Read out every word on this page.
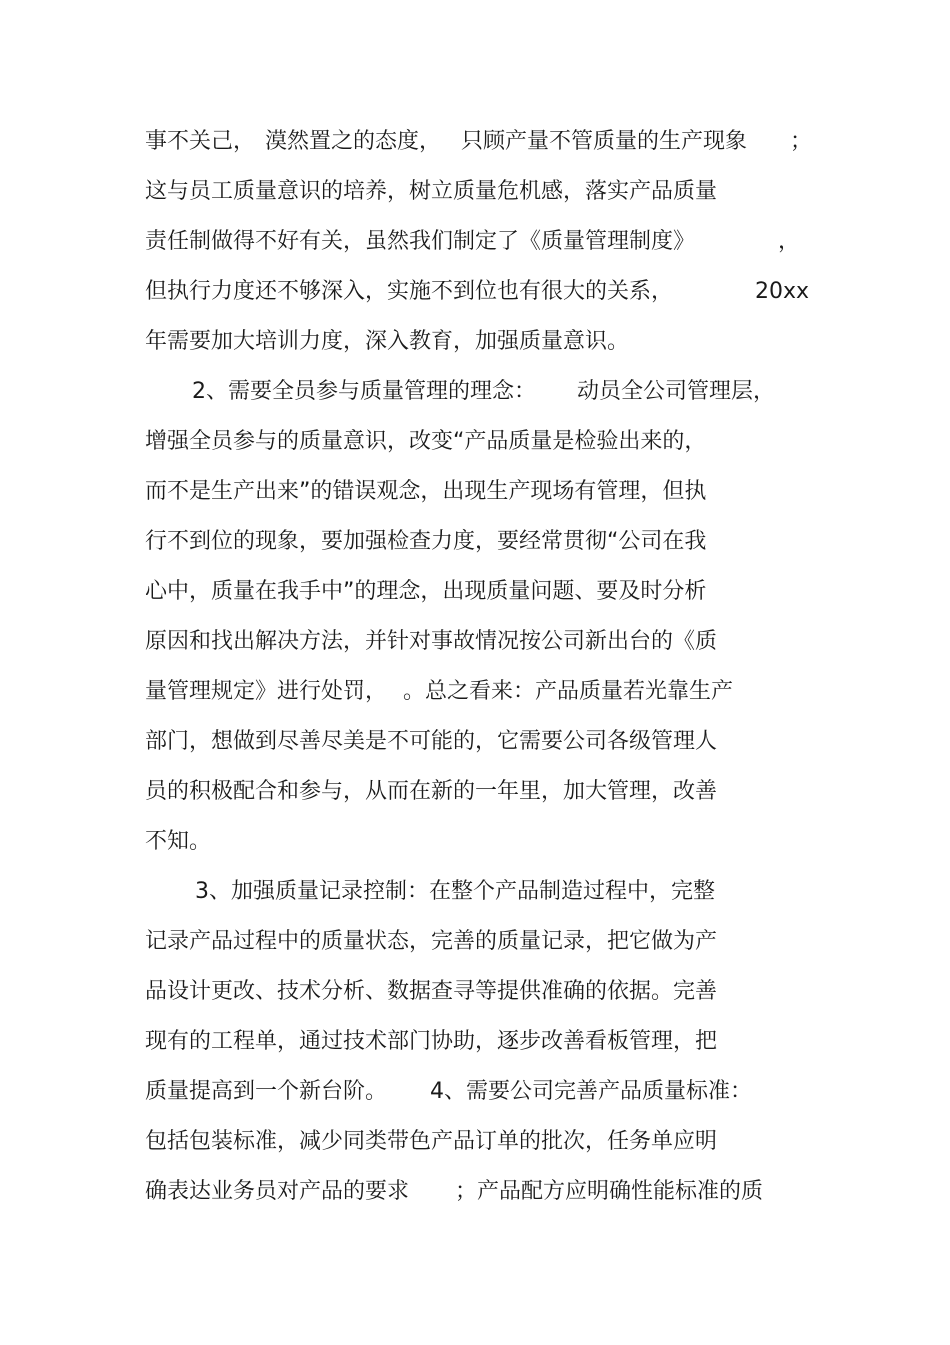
事不关己， 漠然置之的态度， 只顾产量不管质量的生产现象 ；
这与员工质量意识的培养，树立质量危机感，落实产品质量
责任制做得不好有关，虽然我们制定了《质量管理制度》	，
但执行力度还不够深入，实施不到位也有很大的关系，	20xx
年需要加大培训力度，深入教育，加强质量意识。
2、需要全员参与质量管理的理念： 动员全公司管理层，
增强全员参与的质量意识，改变“产品质量是检验出来的，
而不是生产出来”的错误观念，出现生产现场有管理，但执
行不到位的现象，要加强检查力度，要经常贯彻“公司在我
心中，质量在我手中”的理念，出现质量问题、要及时分析
原因和找出解决方法，并针对事故情况按公司新出台的《质
量管理规定》进行处罚， 。总之看来：产品质量若光靠生产
部门，想做到尽善尽美是不可能的，它需要公司各级管理人
员的积极配合和参与，从而在新的一年里，加大管理，改善
不知。
3、加强质量记录控制：在整个产品制造过程中，完整
记录产品过程中的质量状态，完善的质量记录，把它做为产
品设计更改、技术分析、数据查寻等提供准确的依据。完善
现有的工程单，通过技术部门协助，逐步改善看板管理，把
质量提高到一个新台阶。 4、需要公司完善产品质量标准：
包括包装标准，减少同类带色产品订单的批次，任务单应明
确表达业务员对产品的要求 ；产品配方应明确性能标准的质
